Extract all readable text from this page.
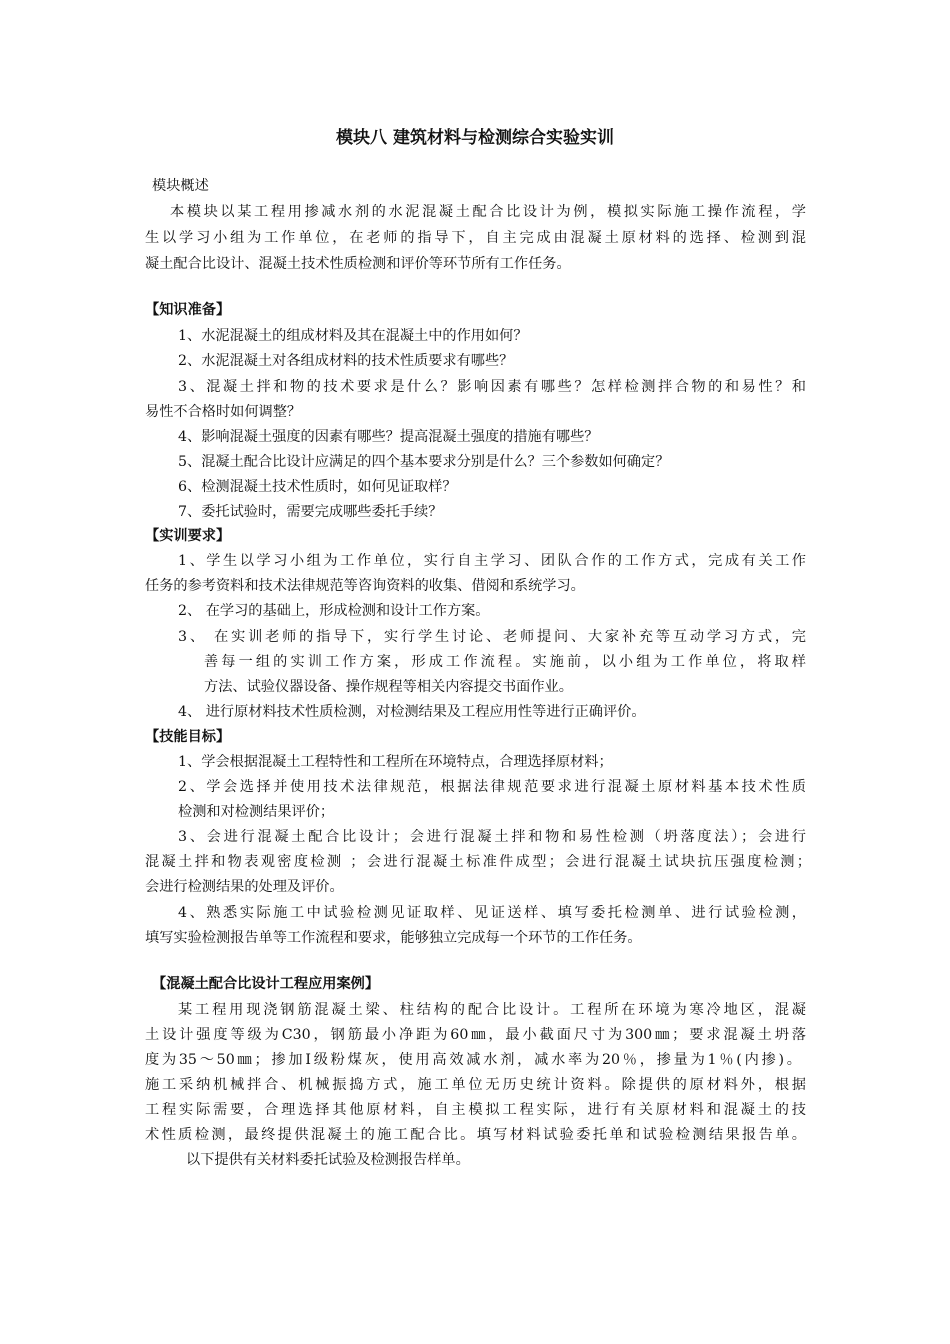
模块八 建筑材料与检测综合实验实训
模块概述
本模块以某工程用掺减水剂的水泥混凝土配合比设计为例，模拟实际施工操作流程，学
生以学习小组为工作单位，在老师的指导下，自主完成由混凝土原材料的选择、检测到混
凝土配合比设计、混凝土技术性质检测和评价等环节所有工作任务。
【知识准备】
1、水泥混凝土的组成材料及其在混凝土中的作用如何？
2、水泥混凝土对各组成材料的技术性质要求有哪些？
3、混凝土拌和物的技术要求是什么？影响因素有哪些？怎样检测拌合物的和易性？和
易性不合格时如何调整？
4、影响混凝土强度的因素有哪些？提高混凝土强度的措施有哪些？
5、混凝土配合比设计应满足的四个基本要求分别是什么？三个参数如何确定？
6、检测混凝土技术性质时，如何见证取样？
7、委托试验时，需要完成哪些委托手续？
【实训要求】
1、学生以学习小组为工作单位，实行自主学习、团队合作的工作方式，完成有关工作
任务的参考资料和技术法律规范等咨询资料的收集、借阅和系统学习。
2、 在学习的基础上，形成检测和设计工作方案。
3、 在实训老师的指导下，实行学生讨论、老师提问、大家补充等互动学习方式，完
善每一组的实训工作方案，形成工作流程。实施前，以小组为工作单位，将取样
方法、试验仪器设备、操作规程等相关内容提交书面作业。
4、 进行原材料技术性质检测，对检测结果及工程应用性等进行正确评价。
【技能目标】
1、学会根据混凝土工程特性和工程所在环境特点，合理选择原材料；
2、学会选择并使用技术法律规范，根据法律规范要求进行混凝土原材料基本技术性质
检测和对检测结果评价；
3、会进行混凝土配合比设计；会进行混凝土拌和物和易性检测（坍落度法）；会进行
混凝土拌和物表观密度检测 ；会进行混凝土标准件成型；会进行混凝土试块抗压强度检测；
会进行检测结果的处理及评价。
4、熟悉实际施工中试验检测见证取样、见证送样、填写委托检测单、进行试验检测，
填写实验检测报告单等工作流程和要求，能够独立完成每一个环节的工作任务。
【混凝土配合比设计工程应用案例】
某工程用现浇钢筋混凝土梁、柱结构的配合比设计。工程所在环境为寒冷地区，混凝
土设计强度等级为C30，钢筋最小净距为60㎜，最小截面尺寸为300㎜；要求混凝土坍落
度为35～50㎜；掺加Ⅰ级粉煤灰，使用高效减水剂，减水率为20％，掺量为1％(内掺)。
施工采纳机械拌合、机械振捣方式，施工单位无历史统计资料。除提供的原材料外，根据
工程实际需要，合理选择其他原材料，自主模拟工程实际，进行有关原材料和混凝土的技
术性质检测，最终提供混凝土的施工配合比。填写材料试验委托单和试验检测结果报告单。
以下提供有关材料委托试验及检测报告样单。
